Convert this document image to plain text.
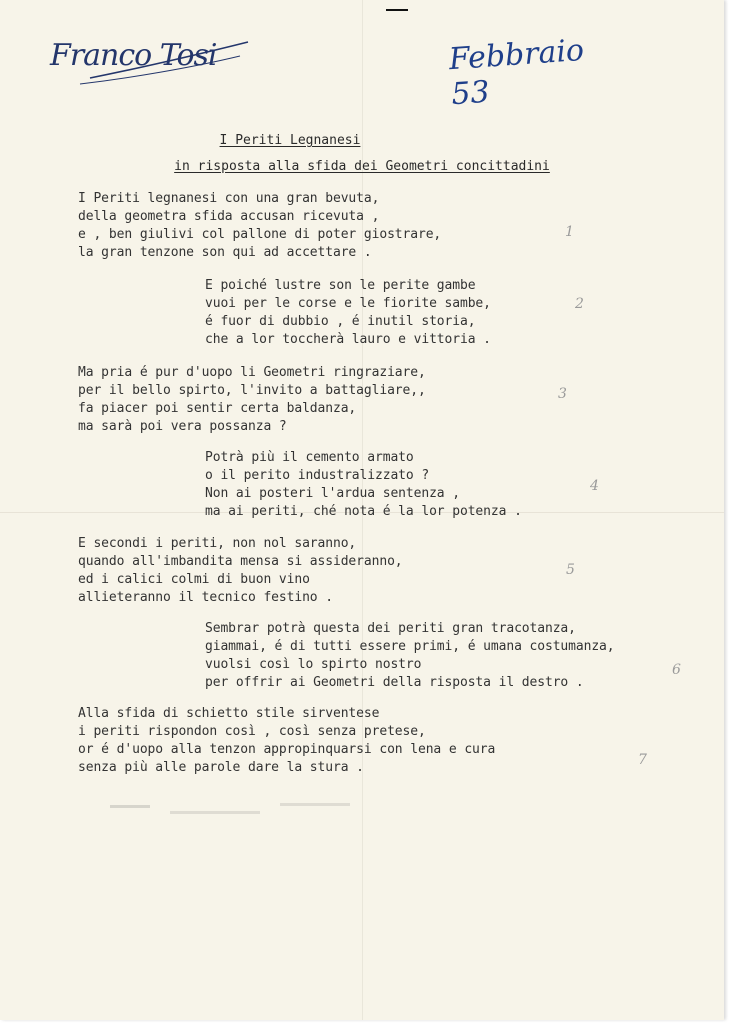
Franco Tosi	Febbraio 53
I Periti Legnanesi
in risposta alla sfida dei Geometri concittadini
I Periti legnanesi con una gran bevuta,
della geometra sfida accusan ricevuta ,
e , ben giulivi col pallone di poter giostrare,
la gran tenzone son qui ad accettare .
1
E poiché lustre son le perite gambe
vuoi per le corse e le fiorite sambe,
é fuor di dubbio , é inutil storia,
che a lor toccherà lauro e vittoria .
2
Ma pria é pur d'uopo li Geometri ringraziare,
per il bello spirto, l'invito a battagliare,,
fa piacer poi sentir certa baldanza,
ma sarà poi vera possanza ?
3
Potrà più il cemento armato
o il perito industralizzato ?
Non ai posteri l'ardua sentenza ,
ma ai periti, ché nota é la lor potenza .
4
E secondi i periti, non nol saranno,
quando all'imbandita mensa si assideranno,
ed i calici colmi di buon vino
allieteranno il tecnico festino .
5
Sembrar potrà questa dei periti gran tracotanza,
giammai, é di tutti essere primi, é umana costumanza,
vuolsi così lo spirto nostro
per offrir ai Geometri della risposta il destro .
6
Alla sfida di schietto stile sirventese
i periti rispondon così , così senza pretese,
or é d'uopo alla tenzon appropinquarsi con lena e cura
senza più alle parole dare la stura .	7
